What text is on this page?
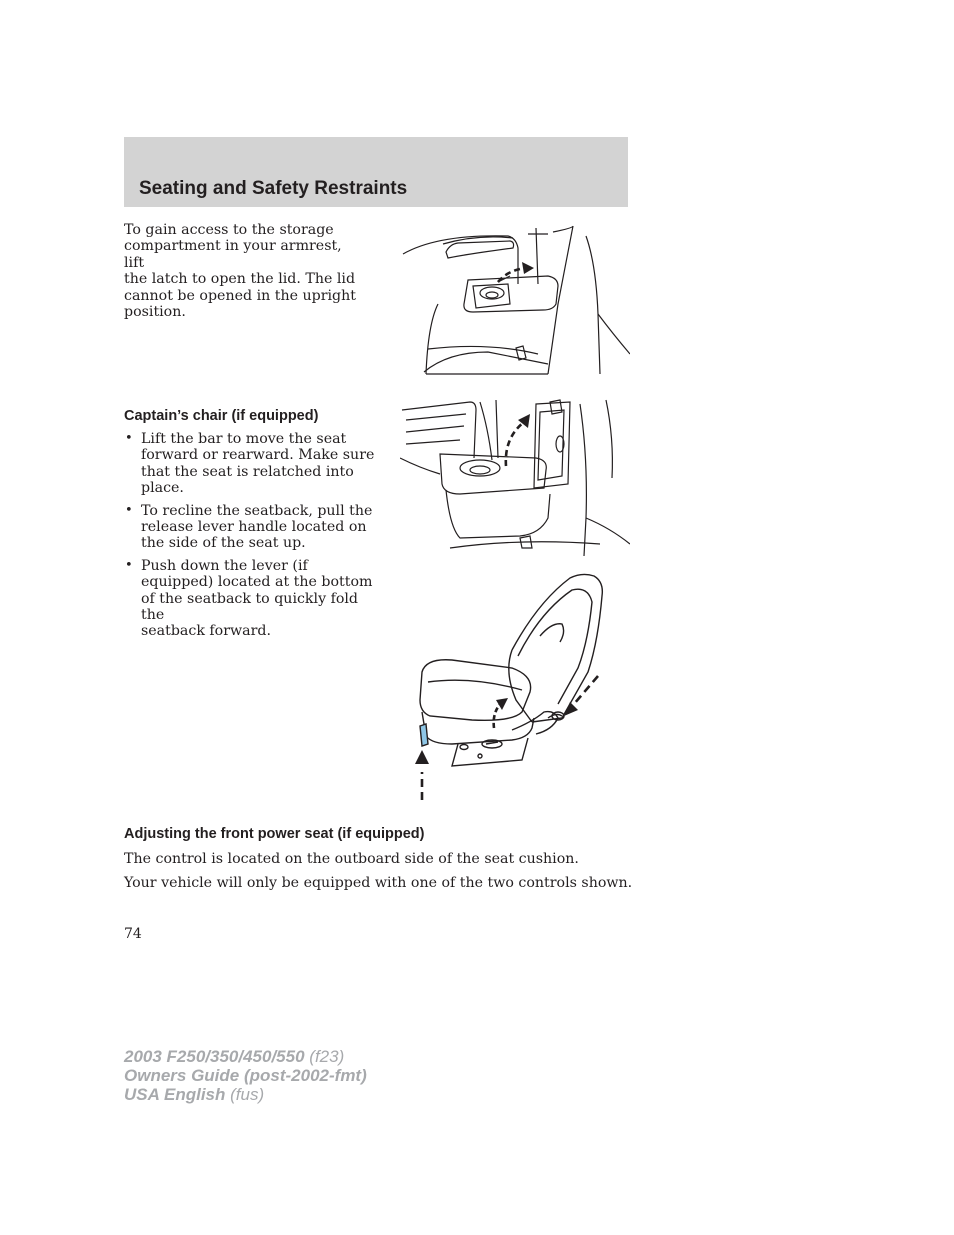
Seating and Safety Restraints
To gain access to the storage
compartment in your armrest, lift
the latch to open the lid. The lid
cannot be opened in the upright
position.
Captain’s chair (if equipped)
• Lift the bar to move the seat
forward or rearward. Make sure
that the seat is relatched into
place.
• To recline the seatback, pull the
release lever handle located on
the side of the seat up.
• Push down the lever (if
equipped) located at the bottom
of the seatback to quickly fold the
seatback forward.
Adjusting the front power seat (if equipped)

The control is located on the outboard side of the seat cushion.

Your vehicle will only be equipped with one of the two controls shown.

74
2003 F250/350/450/550 (f23)
Owners Guide (post-2002-fmt)
USA English (fus)
